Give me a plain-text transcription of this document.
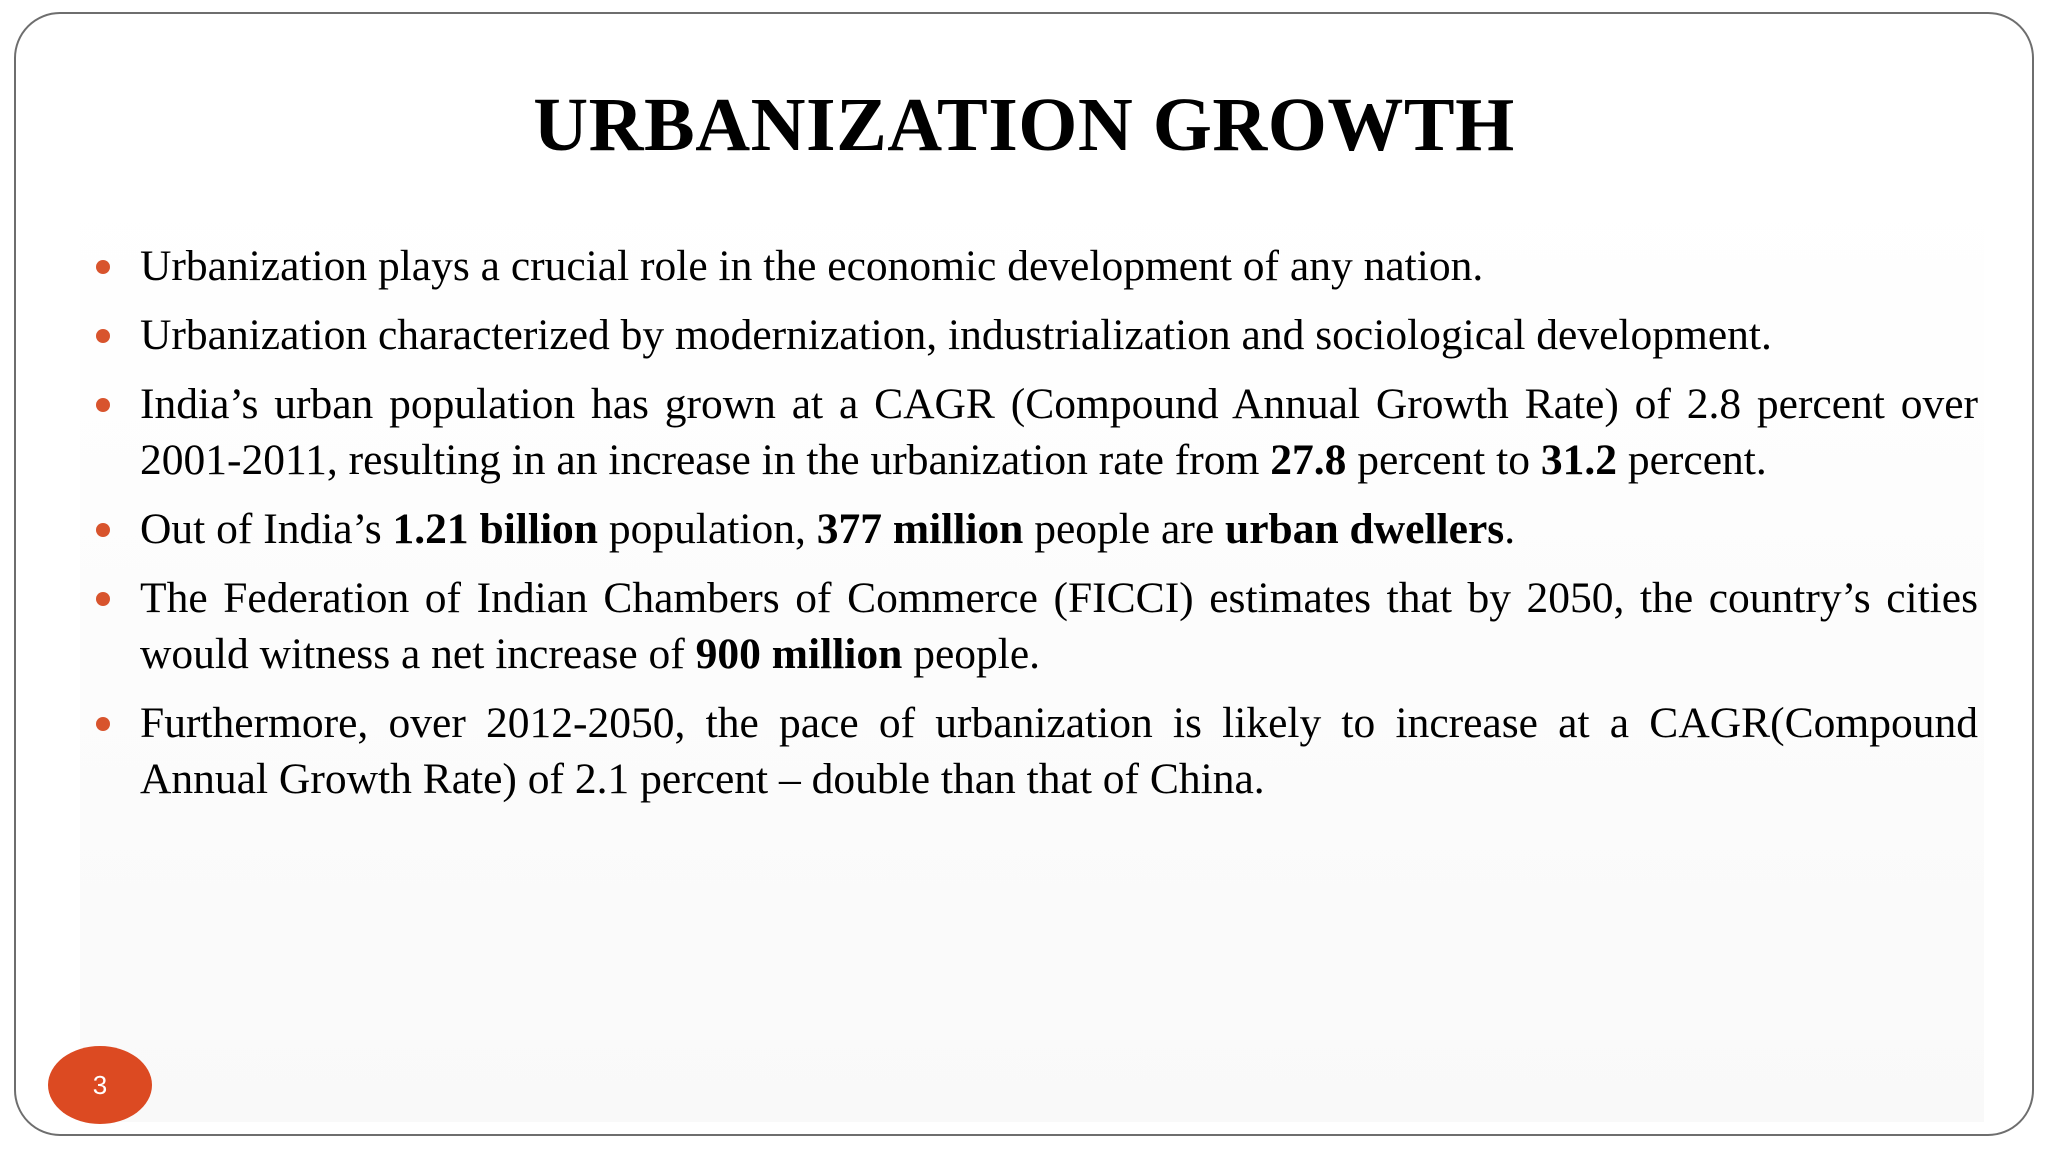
URBANIZATION GROWTH
Urbanization plays a crucial role in the economic development of any nation.
Urbanization characterized by modernization, industrialization and sociological development.
India’s urban population has grown at a CAGR (Compound Annual Growth Rate) of 2.8 percent over 2001-2011, resulting in an increase in the urbanization rate from 27.8 percent to 31.2 percent.
Out of India’s 1.21 billion population, 377 million people are urban dwellers.
The Federation of Indian Chambers of Commerce (FICCI) estimates that by 2050, the country’s cities would witness a net increase of 900 million people.
Furthermore, over 2012-2050, the pace of urbanization is likely to increase at a CAGR(Compound Annual Growth Rate) of 2.1 percent – double than that of China.
3
